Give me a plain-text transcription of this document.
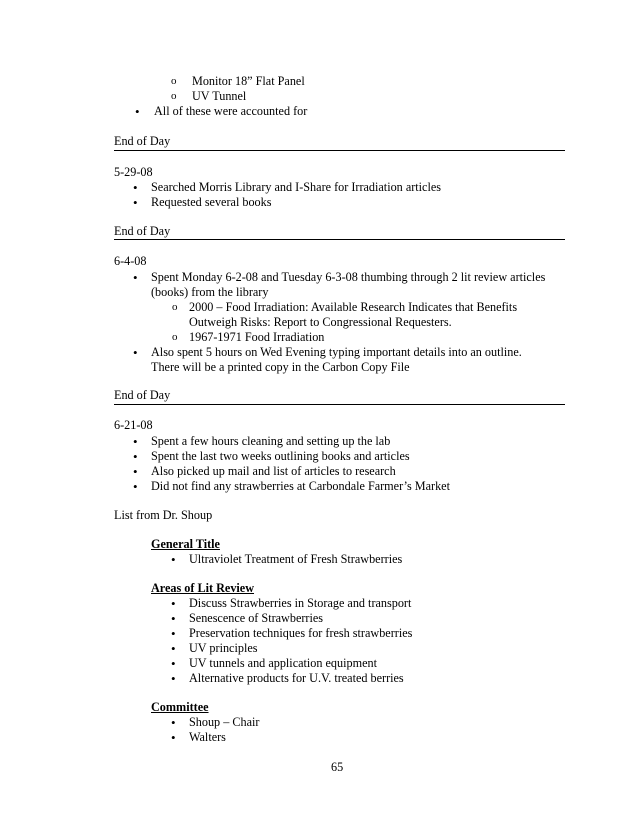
o Monitor 18” Flat Panel
o UV Tunnel
• All of these were accounted for
End of Day
5-29-08
• Searched Morris Library and I-Share for Irradiation articles
• Requested several books
End of Day
6-4-08
• Spent Monday 6-2-08 and Tuesday 6-3-08 thumbing through 2 lit review articles
(books) from the library
o 2000 – Food Irradiation: Available Research Indicates that Benefits
Outweigh Risks: Report to Congressional Requesters.
o 1967-1971 Food Irradiation
• Also spent 5 hours on Wed Evening typing important details into an outline.
There will be a printed copy in the Carbon Copy File
End of Day
6-21-08
• Spent a few hours cleaning and setting up the lab
• Spent the last two weeks outlining books and articles
• Also picked up mail and list of articles to research
• Did not find any strawberries at Carbondale Farmer’s Market
List from Dr. Shoup
General Title
• Ultraviolet Treatment of Fresh Strawberries
Areas of Lit Review
• Discuss Strawberries in Storage and transport
• Senescence of Strawberries
• Preservation techniques for fresh strawberries
• UV principles
• UV tunnels and application equipment
• Alternative products for U.V. treated berries
Committee
• Shoup – Chair
• Walters
65
